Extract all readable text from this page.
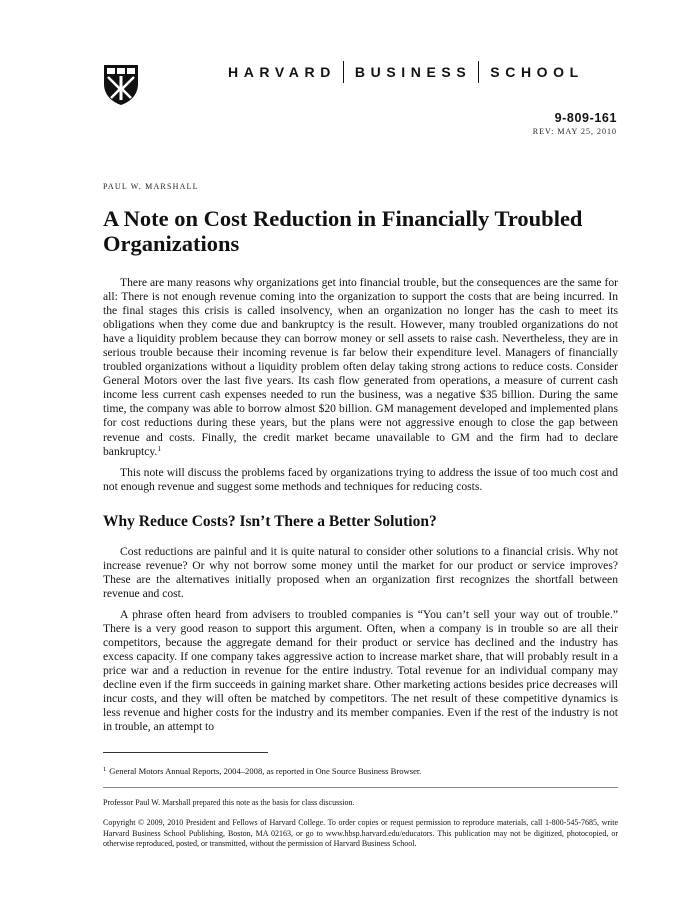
HARVARD BUSINESS SCHOOL
9-809-161
REV: MAY 25, 2010
PAUL W. MARSHALL
A Note on Cost Reduction in Financially Troubled Organizations

There are many reasons why organizations get into financial trouble, but the consequences are the same for all: There is not enough revenue coming into the organization to support the costs that are being incurred. In the final stages this crisis is called insolvency, when an organization no longer has the cash to meet its obligations when they come due and bankruptcy is the result. However, many troubled organizations do not have a liquidity problem because they can borrow money or sell assets to raise cash. Nevertheless, they are in serious trouble because their incoming revenue is far below their expenditure level. Managers of financially troubled organizations without a liquidity problem often delay taking strong actions to reduce costs. Consider General Motors over the last five years. Its cash flow generated from operations, a measure of current cash income less current cash expenses needed to run the business, was a negative $35 billion. During the same time, the company was able to borrow almost $20 billion. GM management developed and implemented plans for cost reductions during these years, but the plans were not aggressive enough to close the gap between revenue and costs. Finally, the credit market became unavailable to GM and the firm had to declare bankruptcy.$^1$

This note will discuss the problems faced by organizations trying to address the issue of too much cost and not enough revenue and suggest some methods and techniques for reducing costs.

Why Reduce Costs? Isn’t There a Better Solution?

Cost reductions are painful and it is quite natural to consider other solutions to a financial crisis. Why not increase revenue? Or why not borrow some money until the market for our product or service improves? These are the alternatives initially proposed when an organization first recognizes the shortfall between revenue and cost.

A phrase often heard from advisers to troubled companies is “You can’t sell your way out of trouble.” There is a very good reason to support this argument. Often, when a company is in trouble so are all their competitors, because the aggregate demand for their product or service has declined and the industry has excess capacity. If one company takes aggressive action to increase market share, that will probably result in a price war and a reduction in revenue for the entire industry. Total revenue for an individual company may decline even if the firm succeeds in gaining market share. Other marketing actions besides price decreases will incur costs, and they will often be matched by competitors. The net result of these competitive dynamics is less revenue and higher costs for the industry and its member companies. Even if the rest of the industry is not in trouble, an attempt to

$^1$ General Motors Annual Reports, 2004–2008, as reported in One Source Business Browser.
Professor Paul W. Marshall prepared this note as the basis for class discussion.

Copyright © 2009, 2010 President and Fellows of Harvard College. To order copies or request permission to reproduce materials, call 1-800-545-7685, write Harvard Business School Publishing, Boston, MA 02163, or go to www.hbsp.harvard.edu/educators. This publication may not be digitized, photocopied, or otherwise reproduced, posted, or transmitted, without the permission of Harvard Business School.
